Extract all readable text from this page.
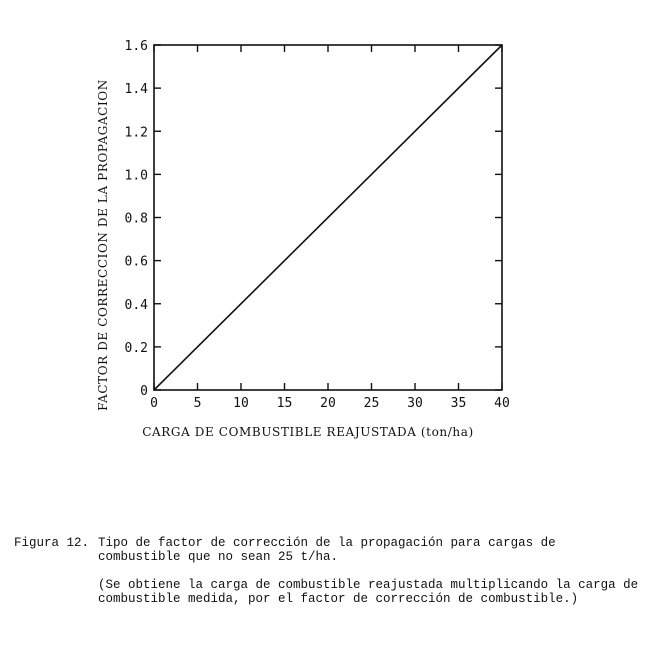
0	5 10 15 20 25 30 35 40
0
0.2
0.4
0.6
0.8
1.0
1.2
1.4
1.6
CARGA DE COMBUSTIBLE REAJUSTADA (ton/ha)
FACTOR DE CORRECCION DE LA PROPAGACION
Figura 12. Tipo de factor de corrección de la propagación para cargas de combustible que no sean 25 t/ha.
(Se obtiene la carga de combustible reajustada multiplicando la carga de combustible medida, por el factor de corrección de combustible.)
